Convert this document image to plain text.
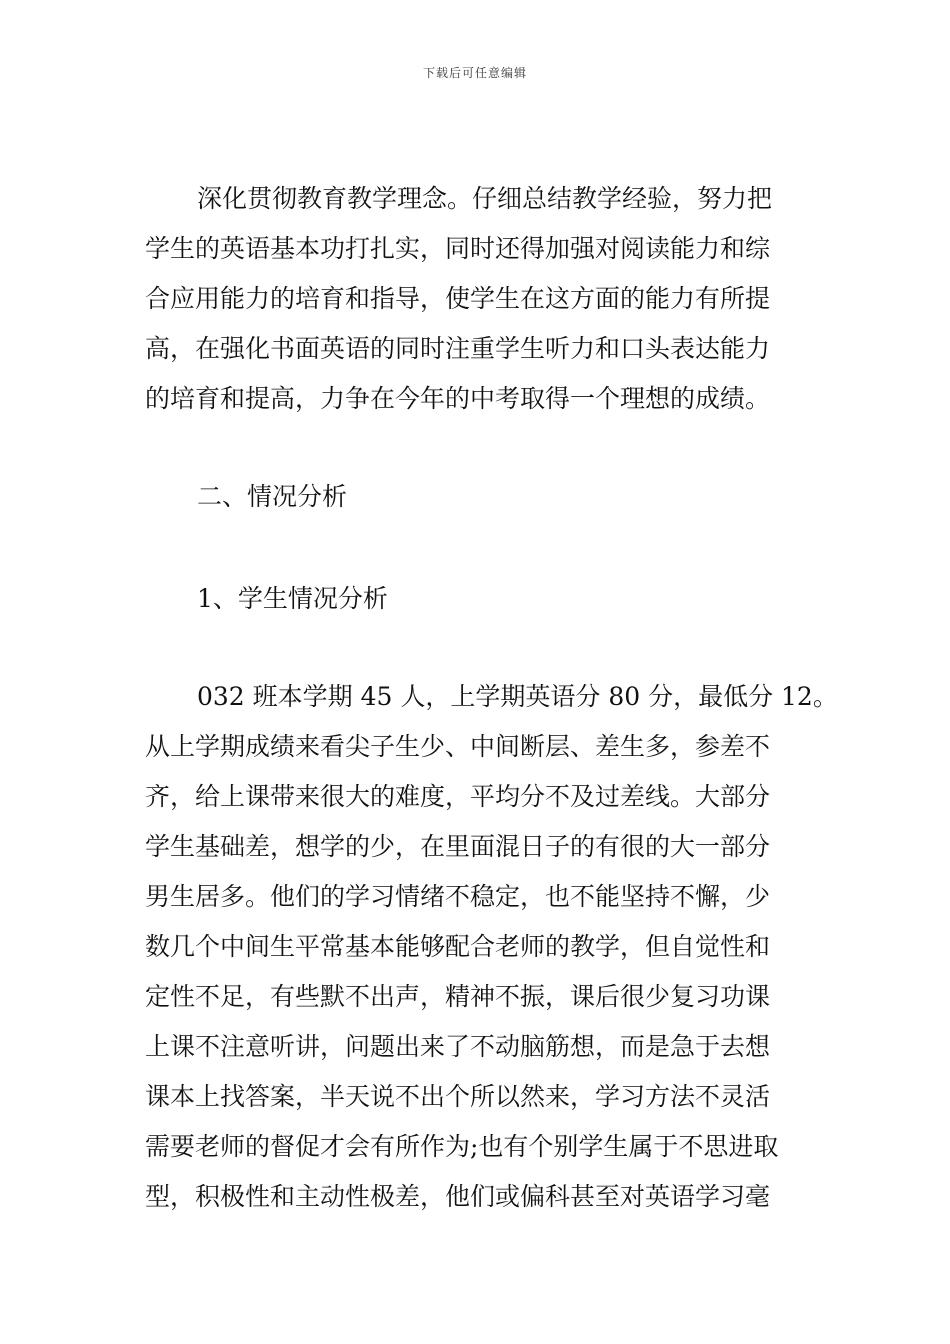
下载后可任意编辑
深化贯彻教育教学理念。仔细总结教学经验，努力把
学生的英语基本功打扎实，同时还得加强对阅读能力和综
合应用能力的培育和指导，使学生在这方面的能力有所提
高，在强化书面英语的同时注重学生听力和口头表达能力
的培育和提高，力争在今年的中考取得一个理想的成绩。
二、情况分析
1、学生情况分析
032 班本学期 45 人，上学期英语分 80 分，最低分 12。
从上学期成绩来看尖子生少、中间断层、差生多，参差不
齐，给上课带来很大的难度，平均分不及过差线。大部分
学生基础差，想学的少，在里面混日子的有很的大一部分
男生居多。他们的学习情绪不稳定，也不能坚持不懈，少
数几个中间生平常基本能够配合老师的教学，但自觉性和
定性不足，有些默不出声，精神不振，课后很少复习功课
上课不注意听讲，问题出来了不动脑筋想，而是急于去想
课本上找答案，半天说不出个所以然来，学习方法不灵活
需要老师的督促才会有所作为;也有个别学生属于不思进取
型，积极性和主动性极差，他们或偏科甚至对英语学习毫
